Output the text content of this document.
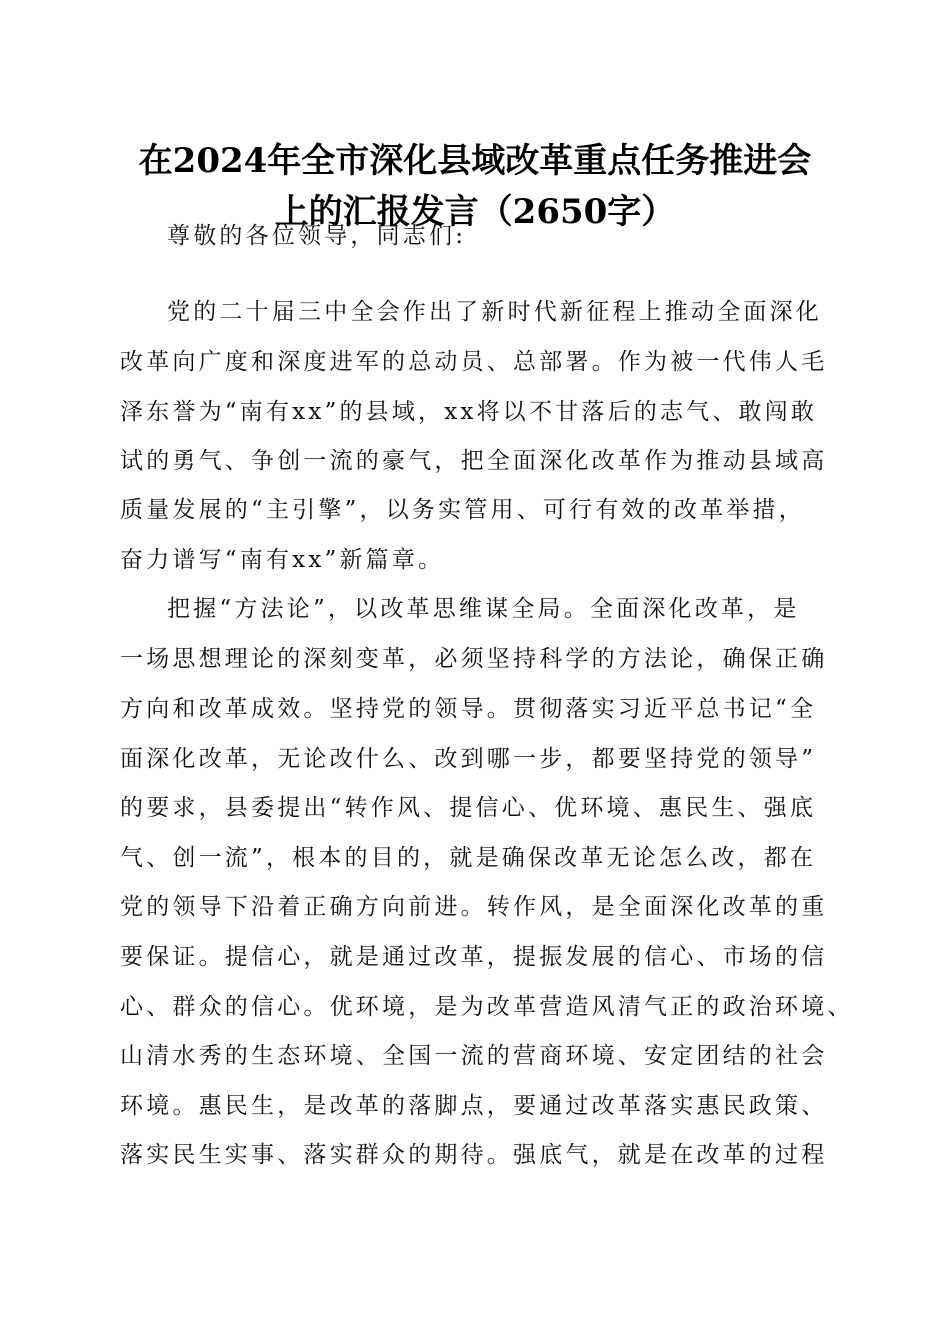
在2024年全市深化县域改革重点任务推进会
上的汇报发言（2650字）
尊敬的各位领导，同志们:
党的二十届三中全会作出了新时代新征程上推动全面深化
改革向广度和深度进军的总动员、总部署。作为被一代伟人毛
泽东誉为“南有xx”的县域，xx将以不甘落后的志气、敢闯敢
试的勇气、争创一流的豪气，把全面深化改革作为推动县域高
质量发展的“主引擎”，以务实管用、可行有效的改革举措，
奋力谱写“南有xx”新篇章。
把握“方法论”，以改革思维谋全局。全面深化改革，是
一场思想理论的深刻变革，必须坚持科学的方法论，确保正确
方向和改革成效。坚持党的领导。贯彻落实习近平总书记“全
面深化改革，无论改什么、改到哪一步，都要坚持党的领导”
的要求，县委提出“转作风、提信心、优环境、惠民生、强底
气、创一流”，根本的目的，就是确保改革无论怎么改，都在
党的领导下沿着正确方向前进。转作风，是全面深化改革的重
要保证。提信心，就是通过改革，提振发展的信心、市场的信
心、群众的信心。优环境，是为改革营造风清气正的政治环境、
山清水秀的生态环境、全国一流的营商环境、安定团结的社会
环境。惠民生，是改革的落脚点，要通过改革落实惠民政策、
落实民生实事、落实群众的期待。强底气，就是在改革的过程
